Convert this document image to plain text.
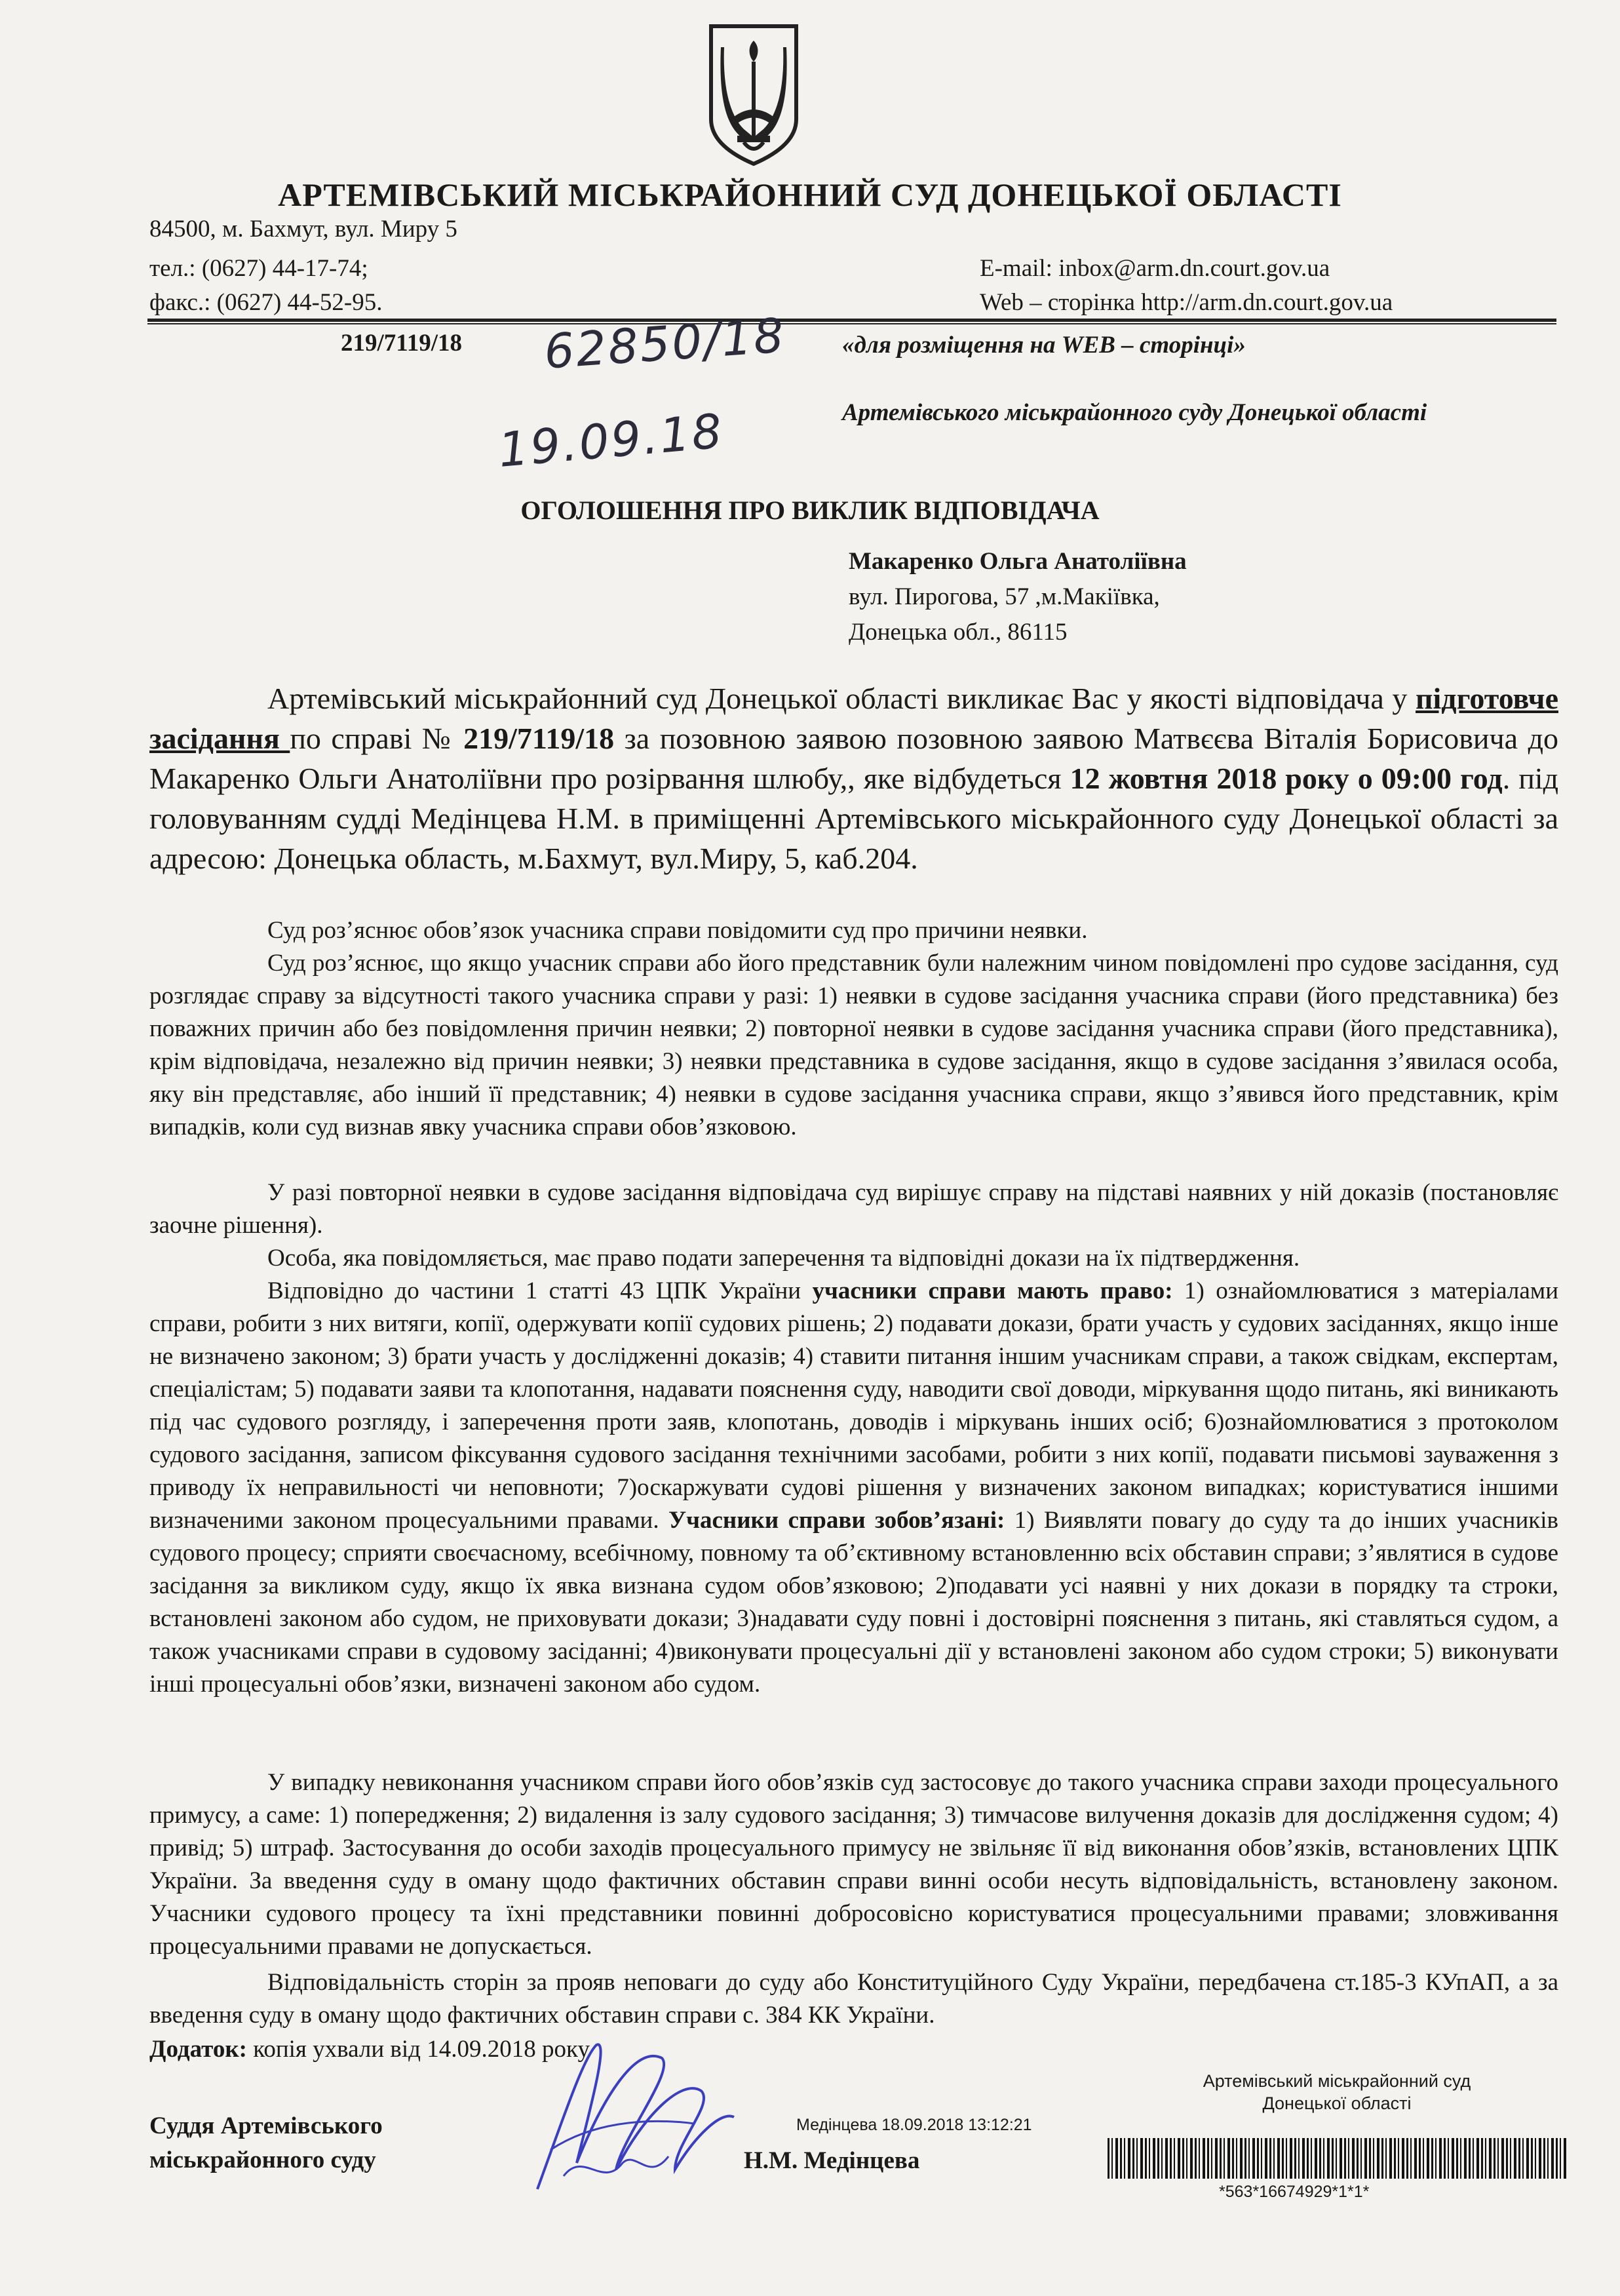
АРТЕМІВСЬКИЙ МІСЬКРАЙОННИЙ СУД ДОНЕЦЬКОЇ ОБЛАСТІ
84500, м. Бахмут, вул. Миру 5
тел.: (0627) 44-17-74;
факс.: (0627) 44-52-95.
E-mail: inbox@arm.dn.court.gov.ua
Web – сторінка http://arm.dn.court.gov.ua
219/7119/18 62850/18
19.09.18
«для розміщення на WEB – сторінці»
Артемівського міськрайонного суду Донецької області
ОГОЛОШЕННЯ ПРО ВИКЛИК ВІДПОВІДАЧА
Макаренко Ольга Анатоліївна
вул. Пирогова, 57 ,м.Макіївка,
Донецька обл., 86115
Артемівський міськрайонний суд Донецької області викликає Вас у якості відповідача у підготовче засідання по справі № 219/7119/18 за позовною заявою позовною заявою Матвєєва Віталія Борисовича до Макаренко Ольги Анатоліївни про розірвання шлюбу,, яке відбудеться 12 жовтня 2018 року о 09:00 год. під головуванням судді Медінцева Н.М. в приміщенні Артемівського міськрайонного суду Донецької області за адресою: Донецька область, м.Бахмут, вул.Миру, 5, каб.204.
Суд роз’яснює обов’язок учасника справи повідомити суд про причини неявки.
Суд роз’яснює, що якщо учасник справи або його представник були належним чином повідомлені про судове засідання, суд розглядає справу за відсутності такого учасника справи у разі: 1) неявки в судове засідання учасника справи (його представника) без поважних причин або без повідомлення причин неявки; 2) повторної неявки в судове засідання учасника справи (його представника), крім відповідача, незалежно від причин неявки; 3) неявки представника в судове засідання, якщо в судове засідання з’явилася особа, яку він представляє, або інший її представник; 4) неявки в судове засідання учасника справи, якщо з’явився його представник, крім випадків, коли суд визнав явку учасника справи обов’язковою.
У разі повторної неявки в судове засідання відповідача суд вирішує справу на підставі наявних у ній доказів (постановляє заочне рішення).
Особа, яка повідомляється, має право подати заперечення та відповідні докази на їх підтвердження.
Відповідно до частини 1 статті 43 ЦПК України учасники справи мають право: 1) ознайомлюватися з матеріалами справи, робити з них витяги, копії, одержувати копії судових рішень; 2) подавати докази, брати участь у судових засіданнях, якщо інше не визначено законом; 3) брати участь у дослідженні доказів; 4) ставити питання іншим учасникам справи, а також свідкам, експертам, спеціалістам; 5) подавати заяви та клопотання, надавати пояснення суду, наводити свої доводи, міркування щодо питань, які виникають під час судового розгляду, і заперечення проти заяв, клопотань, доводів і міркувань інших осіб; 6)ознайомлюватися з протоколом судового засідання, записом фіксування судового засідання технічними засобами, робити з них копії, подавати письмові зауваження з приводу їх неправильності чи неповноти; 7)оскаржувати судові рішення у визначених законом випадках; користуватися іншими визначеними законом процесуальними правами. Учасники справи зобов’язані: 1) Виявляти повагу до суду та до інших учасників судового процесу; сприяти своєчасному, всебічному, повному та об’єктивному встановленню всіх обставин справи; з’являтися в судове засідання за викликом суду, якщо їх явка визнана судом обов’язковою; 2)подавати усі наявні у них докази в порядку та строки, встановлені законом або судом, не приховувати докази; 3)надавати суду повні і достовірні пояснення з питань, які ставляться судом, а також учасниками справи в судовому засіданні; 4)виконувати процесуальні дії у встановлені законом або судом строки; 5) виконувати інші процесуальні обов’язки, визначені законом або судом.
У випадку невиконання учасником справи його обов’язків суд застосовує до такого учасника справи заходи процесуального примусу, а саме: 1) попередження; 2) видалення із залу судового засідання; 3) тимчасове вилучення доказів для дослідження судом; 4) привід; 5) штраф. Застосування до особи заходів процесуального примусу не звільняє її від виконання обов’язків, встановлених ЦПК України. За введення суду в оману щодо фактичних обставин справи винні особи несуть відповідальність, встановлену законом. Учасники судового процесу та їхні представники повинні добросовісно користуватися процесуальними правами; зловживання процесуальними правами не допускається.
Відповідальність сторін за прояв неповаги до суду або Конституційного Суду України, передбачена ст.185-3 КУпАП, а за введення суду в оману щодо фактичних обставин справи с. 384 КК України.
Додаток: копія ухвали від 14.09.2018 року
Суддя Артемівського
міськрайонного суду	Н.М. Медінцева
Артемівський міськрайонний суд
Донецької області
Медінцева 18.09.2018 13:12:21
*563*16674929*1*1*
